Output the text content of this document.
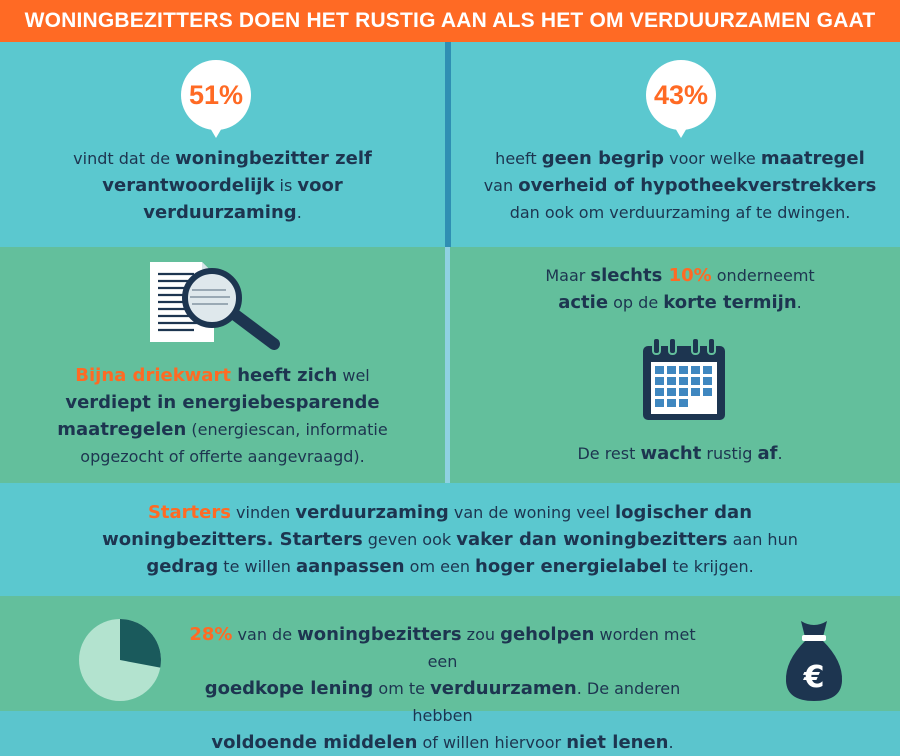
WONINGBEZITTERS DOEN HET RUSTIG AAN ALS HET OM VERDUURZAMEN GAAT
51%
vindt dat de woningbezitter zelf
verantwoordelijk is voor
verduurzaming.
43%
heeft geen begrip voor welke maatregel
van overheid of hypotheekverstrekkers
dan ook om verduurzaming af te dwingen.
Bijna driekwart heeft zich wel
verdiept in energiebesparende
maatregelen (energiescan, informatie
opgezocht of offerte aangevraagd).
Maar slechts 10% onderneemt
actie op de korte termijn.
De rest wacht rustig af.
Starters vinden verduurzaming van de woning veel logischer dan
woningbezitters. Starters geven ook vaker dan woningbezitters aan hun
gedrag te willen aanpassen om een hoger energielabel te krijgen.
28% van de woningbezitters zou geholpen worden met een
goedkope lening om te verduurzamen. De anderen hebben
voldoende middelen of willen hiervoor niet lenen.
€
